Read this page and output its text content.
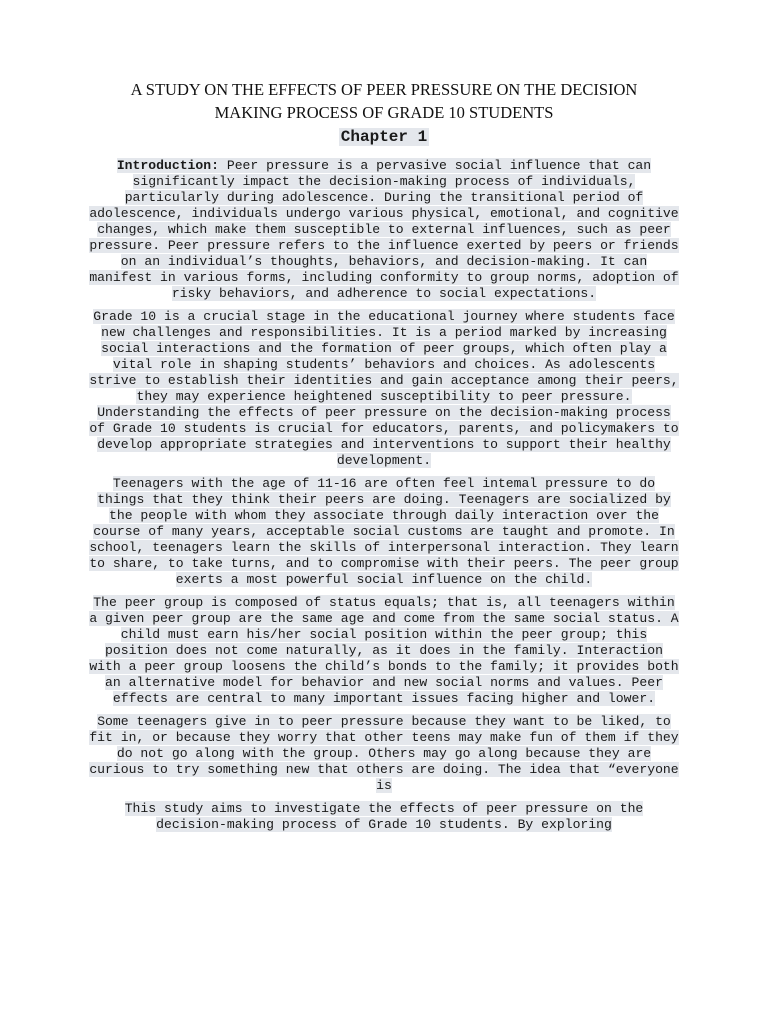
A STUDY ON THE EFFECTS OF PEER PRESSURE ON THE DECISION
MAKING PROCESS OF GRADE 10 STUDENTS
Chapter 1

Introduction: Peer pressure is a pervasive social influence that can significantly impact the decision-making process of individuals, particularly during adolescence. During the transitional period of adolescence, individuals undergo various physical, emotional, and cognitive changes, which make them susceptible to external influences, such as peer pressure. Peer pressure refers to the influence exerted by peers or friends on an individual’s thoughts, behaviors, and decision-making. It can manifest in various forms, including conformity to group norms, adoption of risky behaviors, and adherence to social expectations.

Grade 10 is a crucial stage in the educational journey where students face new challenges and responsibilities. It is a period marked by increasing social interactions and the formation of peer groups, which often play a vital role in shaping students’ behaviors and choices. As adolescents strive to establish their identities and gain acceptance among their peers, they may experience heightened susceptibility to peer pressure. Understanding the effects of peer pressure on the decision-making process of Grade 10 students is crucial for educators, parents, and policymakers to develop appropriate strategies and interventions to support their healthy development.

Teenagers with the age of 11-16 are often feel intemal pressure to do things that they think their peers are doing. Teenagers are socialized by the people with whom they associate through daily interaction over the course of many years, acceptable social customs are taught and promote. In school, teenagers learn the skills of interpersonal interaction. They learn to share, to take turns, and to compromise with their peers. The peer group exerts a most powerful social influence on the child.

The peer group is composed of status equals; that is, all teenagers within a given peer group are the same age and come from the same social status. A child must earn his/her social position within the peer group; this position does not come naturally, as it does in the family. Interaction with a peer group loosens the child’s bonds to the family; it provides both an alternative model for behavior and new social norms and values. Peer effects are central to many important issues facing higher and lower.

Some teenagers give in to peer pressure because they want to be liked, to fit in, or because they worry that other teens may make fun of them if they do not go along with the group. Others may go along because they are curious to try something new that others are doing. The idea that “everyone is

This study aims to investigate the effects of peer pressure on the decision-making process of Grade 10 students. By exploring
